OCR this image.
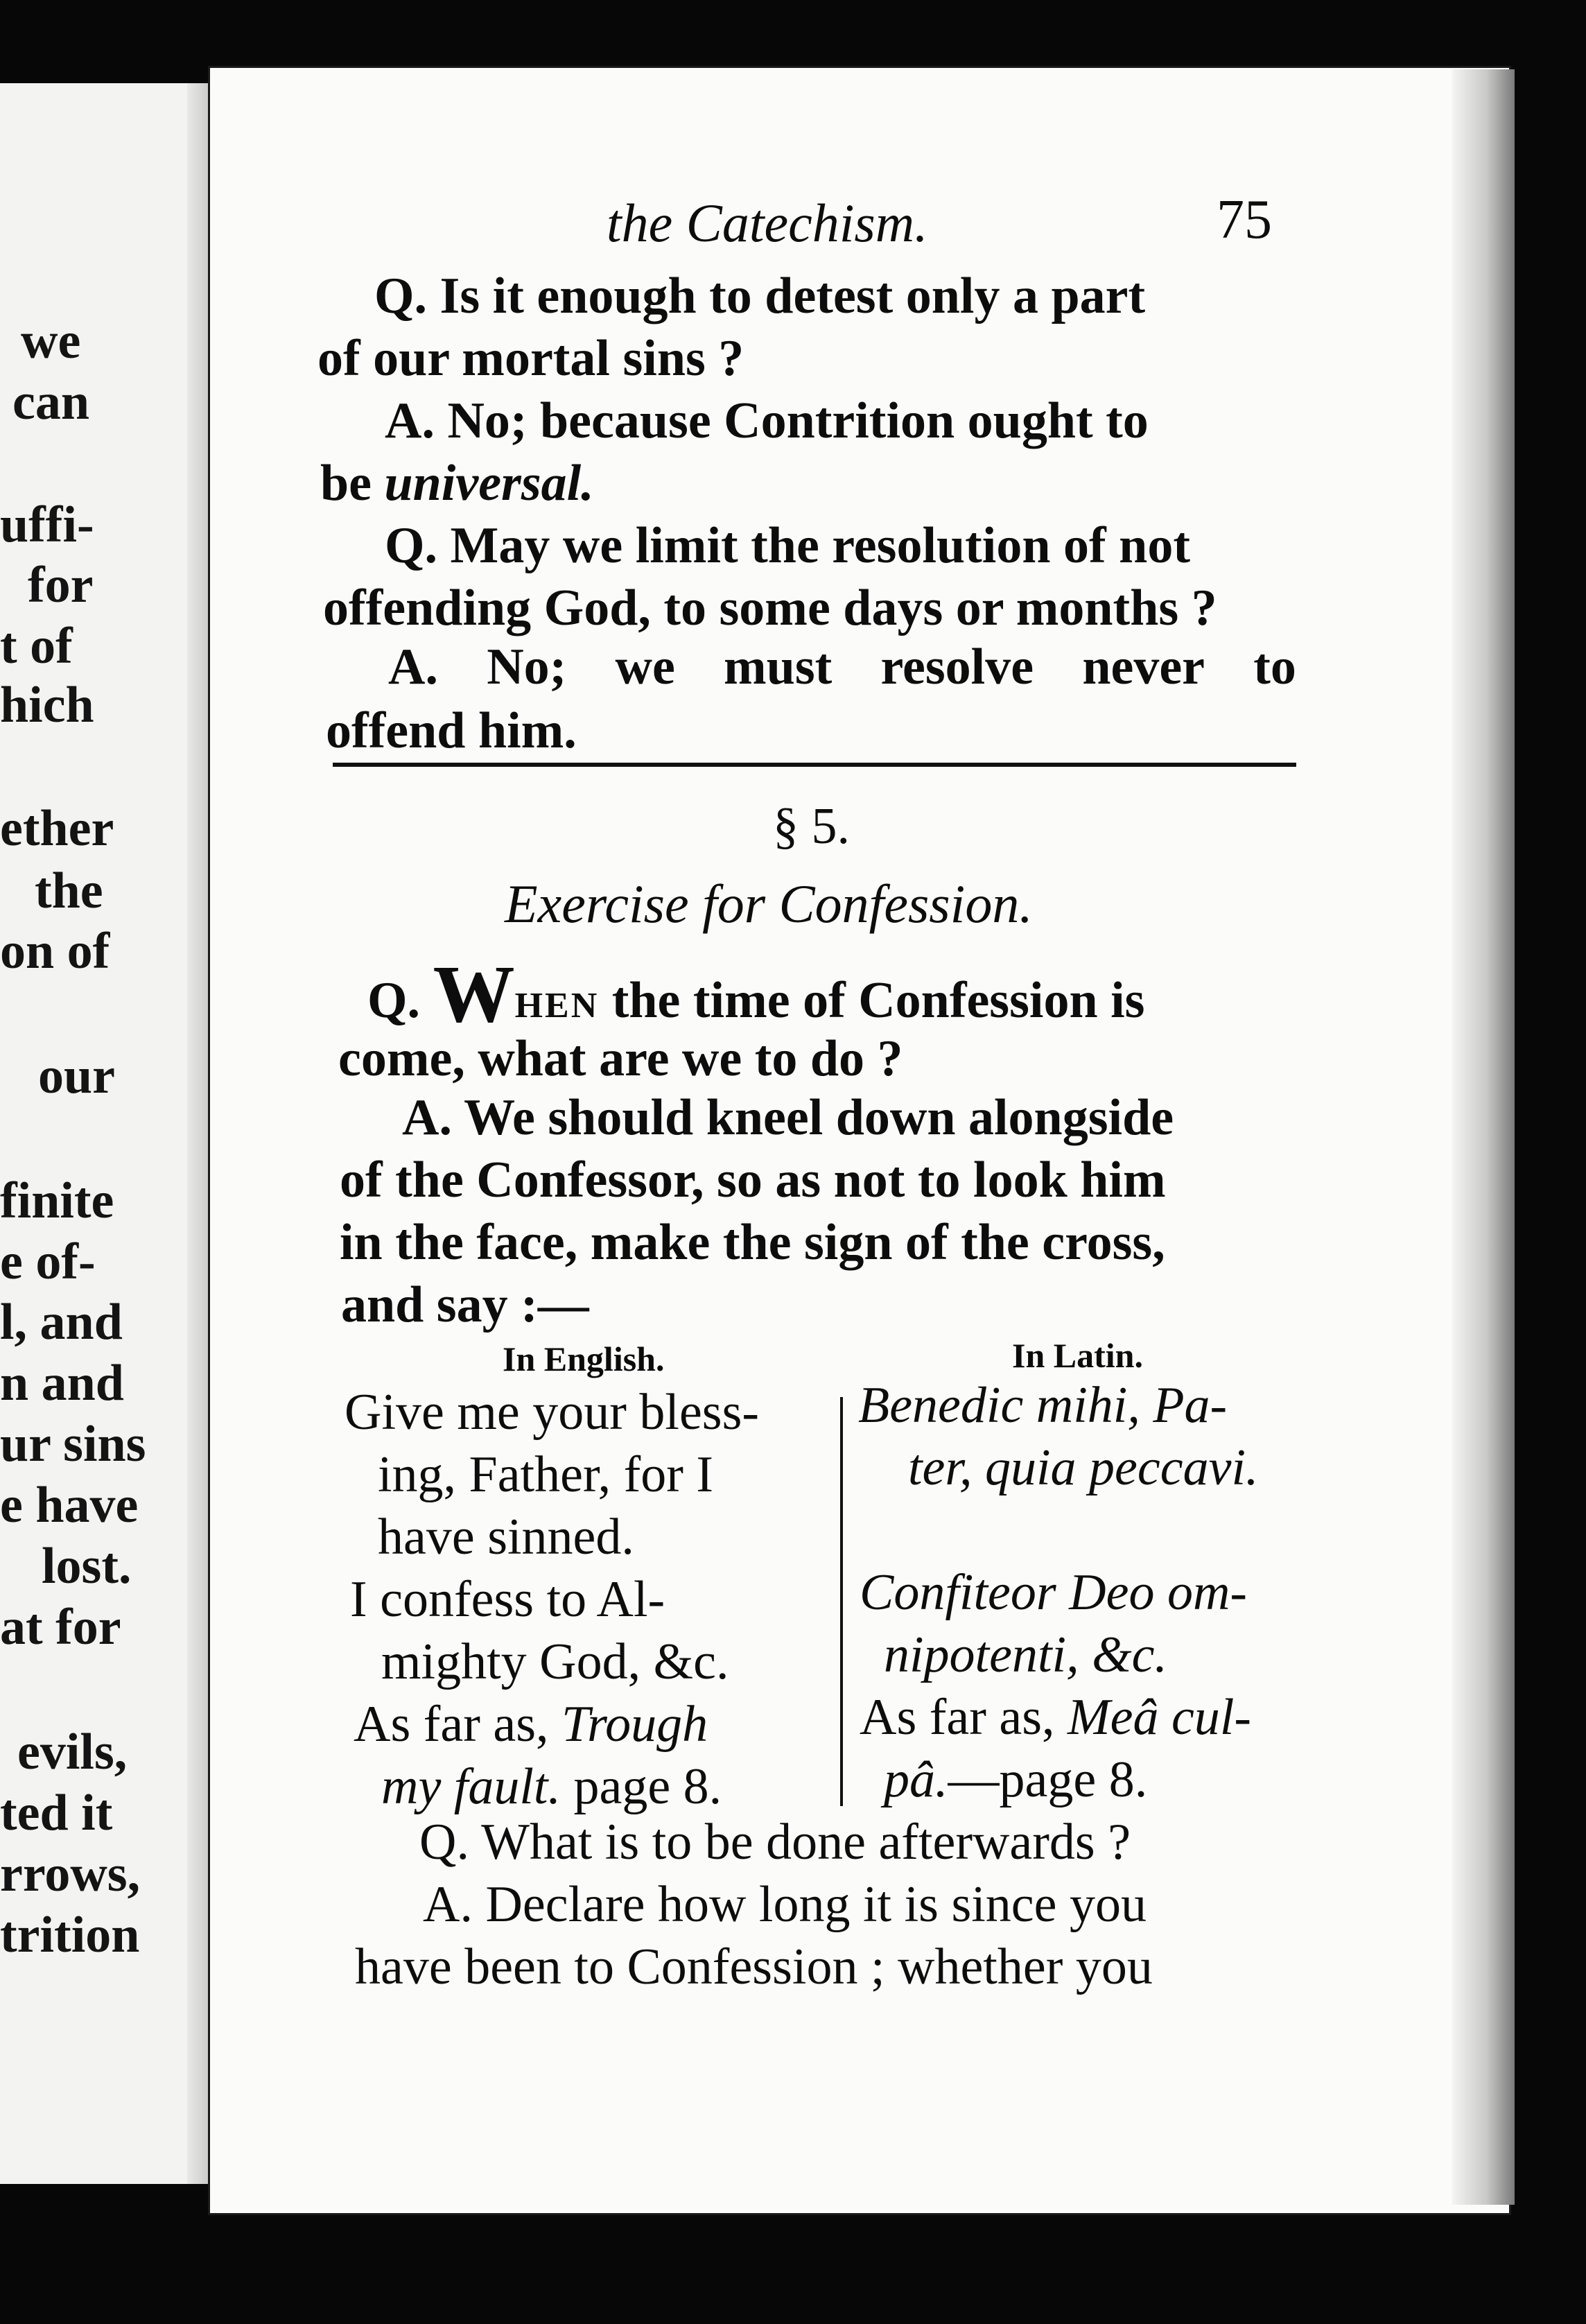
we
can
uffi-
for
t of
hich
ether
the
on of
our
finite
e of-
l, and
n and
ur sins
e have
lost.
at for
evils,
ted it
rrows,
trition
the Catechism.	75
Q. Is it enough to detest only a part
of our mortal sins ?
A. No; because Contrition ought to
be universal.
Q. May we limit the resolution of not
offending God, to some days or months ?
A. No; we must resolve never to
offend him.
§ 5.
Exercise for Confession.
Q. WHEN the time of Confession is
come, what are we to do ?
A. We should kneel down alongside
of the Confessor, so as not to look him
in the face, make the sign of the cross,
and say :—
In English.	In Latin.
Give me your bless-
ing, Father, for I
have sinned.
I confess to Al-
mighty God, &c.
As far as, Trough
my fault. page 8.
Benedic mihi, Pa-
ter, quia peccavi.
Confiteor Deo om-
nipotenti, &c.
As far as, Meâ cul-
pâ.—page 8.
Q. What is to be done afterwards ?
A. Declare how long it is since you
have been to Confession ; whether you
